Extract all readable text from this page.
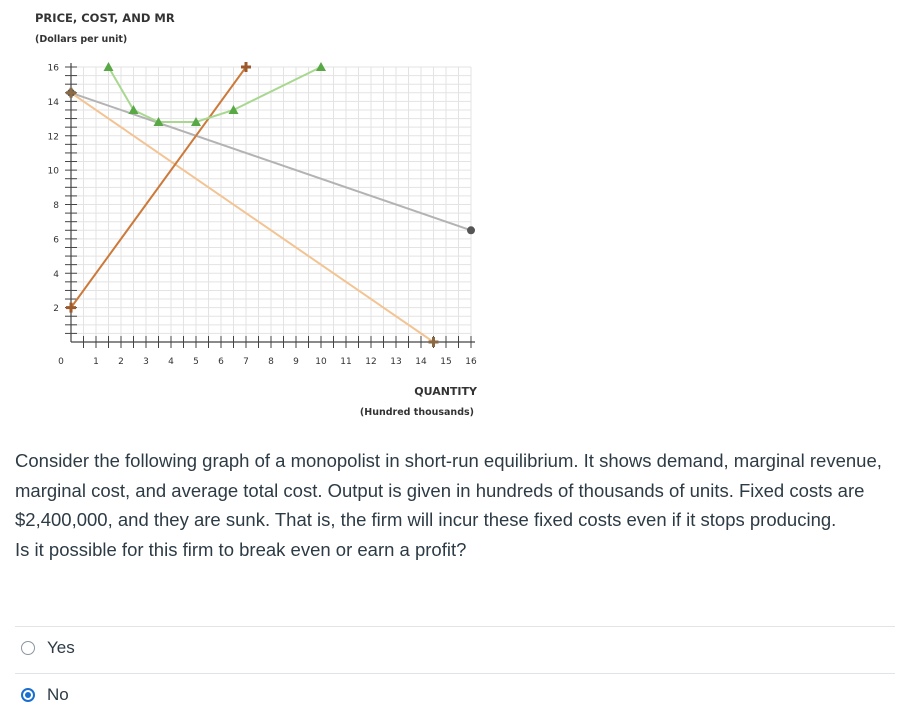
PRICE, COST, AND MR
(Dollars per unit)
QUANTITY
(Hundred thousands)
16
14
12
10
8
6
4
2
0	1 2 3 4 5 6 7 8 9 10 11 12 13 14 15 16

Consider the following graph of a monopolist in short-run equilibrium. It shows demand, marginal revenue, marginal cost, and average total cost. Output is given in hundreds of thousands of units. Fixed costs are $2,400,000, and they are sunk. That is, the firm will incur these fixed costs even if it stops producing.

Is it possible for this firm to break even or earn a profit?

Yes
No
